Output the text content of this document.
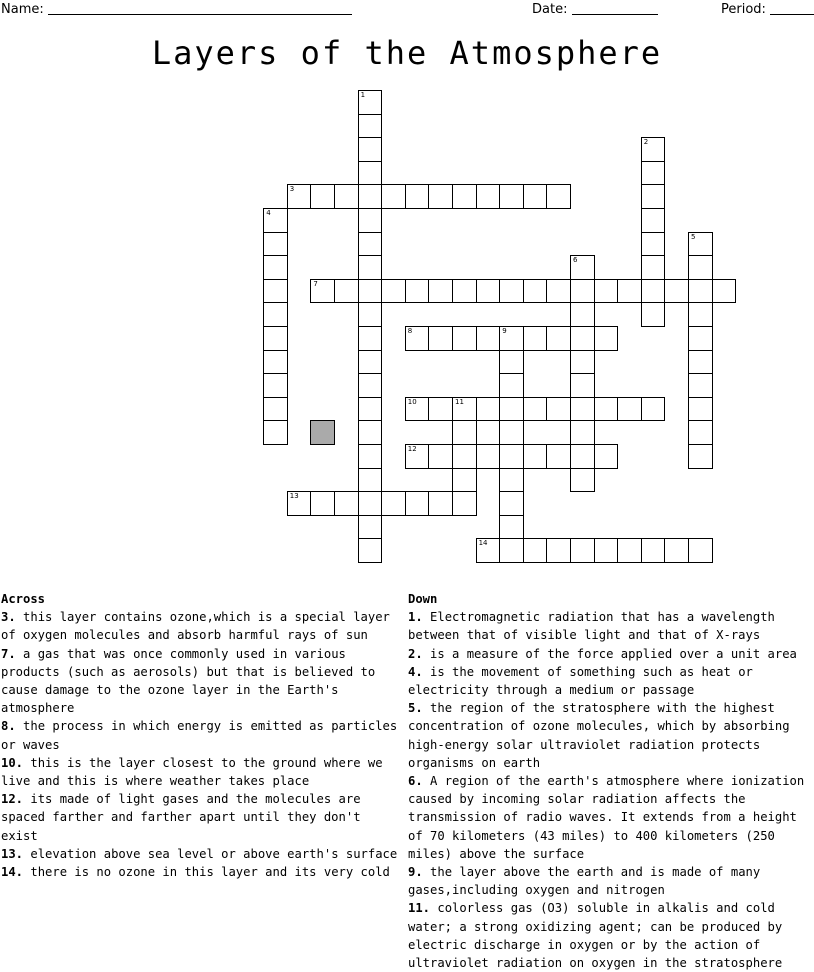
Name:	Date:	Period:
Layers of the Atmosphere
1
2
3
4
5
6
7
8	9
10	11
12
13
14
Across
3. this layer contains ozone,which is a special layer of oxygen molecules and absorb harmful rays of sun
7. a gas that was once commonly used in various products (such as aerosols) but that is believed to cause damage to the ozone layer in the Earth's atmosphere
8. the process in which energy is emitted as particles or waves
10. this is the layer closest to the ground where we live and this is where weather takes place
12. its made of light gases and the molecules are spaced farther and farther apart until they don't exist
13. elevation above sea level or above earth's surface
14. there is no ozone in this layer and its very cold
Down
1. Electromagnetic radiation that has a wavelength between that of visible light and that of X-rays
2. is a measure of the force applied over a unit area
4. is the movement of something such as heat or electricity through a medium or passage
5. the region of the stratosphere with the highest concentration of ozone molecules, which by absorbing high-energy solar ultraviolet radiation protects organisms on earth
6. A region of the earth's atmosphere where ionization caused by incoming solar radiation affects the transmission of radio waves. It extends from a height of 70 kilometers (43 miles) to 400 kilometers (250 miles) above the surface
9. the layer above the earth and is made of many gases,including oxygen and nitrogen
11. colorless gas (O3) soluble in alkalis and cold water; a strong oxidizing agent; can be produced by electric discharge in oxygen or by the action of ultraviolet radiation on oxygen in the stratosphere
